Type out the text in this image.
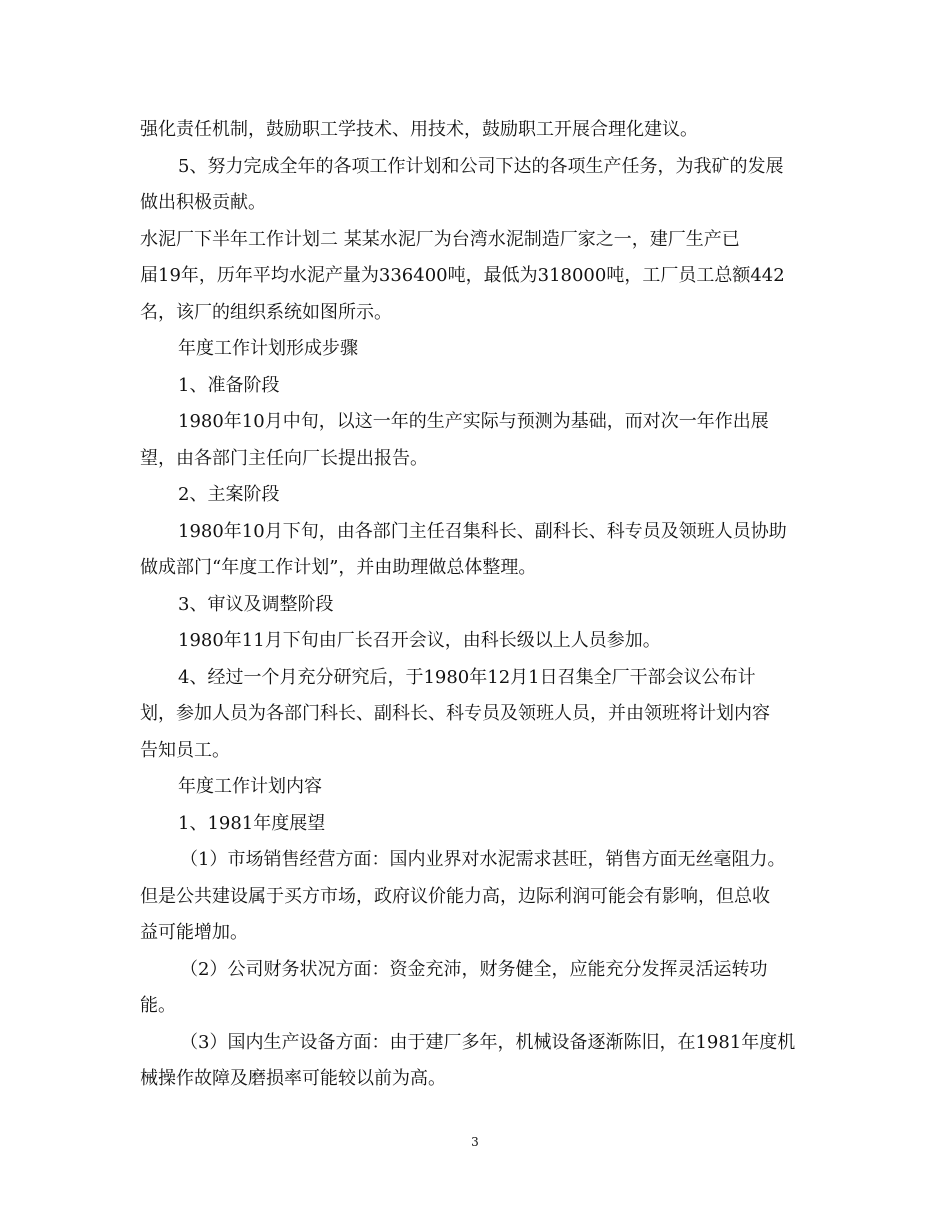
强化责任机制，鼓励职工学技术、用技术，鼓励职工开展合理化建议。
5、努力完成全年的各项工作计划和公司下达的各项生产任务，为我矿的发展
做出积极贡献。
水泥厂下半年工作计划二 某某水泥厂为台湾水泥制造厂家之一，建厂生产已
届19年，历年平均水泥产量为336400吨，最低为318000吨，工厂员工总额442
名，该厂的组织系统如图所示。
年度工作计划形成步骤
1、准备阶段
1980年10月中旬，以这一年的生产实际与预测为基础，而对次一年作出展
望，由各部门主任向厂长提出报告。
2、主案阶段
1980年10月下旬，由各部门主任召集科长、副科长、科专员及领班人员协助
做成部门“年度工作计划”，并由助理做总体整理。
3、审议及调整阶段
1980年11月下旬由厂长召开会议，由科长级以上人员参加。
4、经过一个月充分研究后，于1980年12月1日召集全厂干部会议公布计
划，参加人员为各部门科长、副科长、科专员及领班人员，并由领班将计划内容
告知员工。
年度工作计划内容
1、1981年度展望
（1）市场销售经营方面：国内业界对水泥需求甚旺，销售方面无丝毫阻力。
但是公共建设属于买方市场，政府议价能力高，边际利润可能会有影响，但总收
益可能增加。
（2）公司财务状况方面：资金充沛，财务健全，应能充分发挥灵活运转功
能。
（3）国内生产设备方面：由于建厂多年，机械设备逐渐陈旧，在1981年度机
械操作故障及磨损率可能较以前为高。
3
